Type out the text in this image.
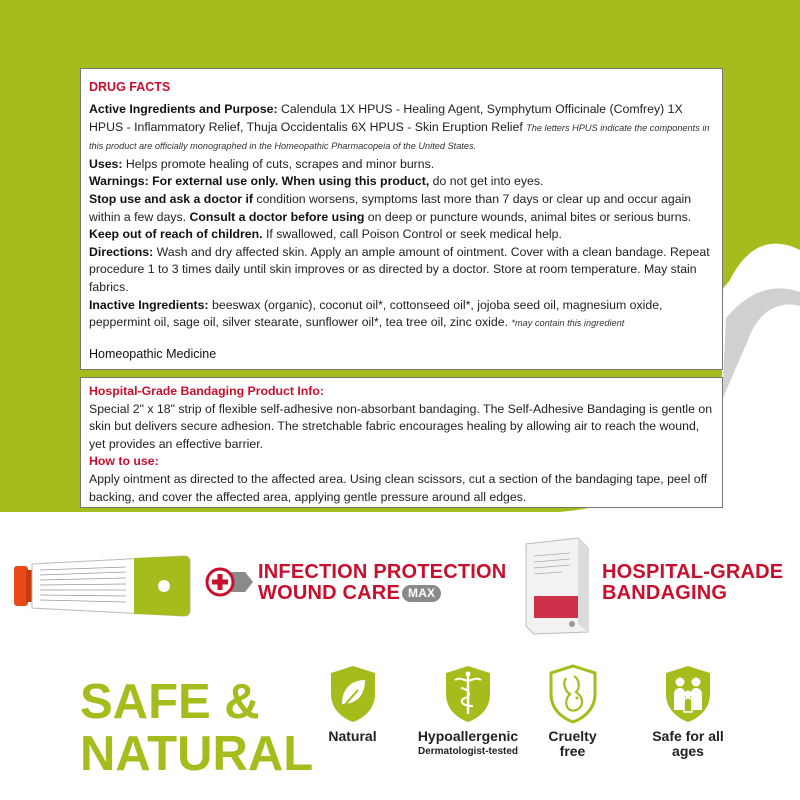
DRUG FACTS

Active Ingredients and Purpose: Calendula 1X HPUS - Healing Agent, Symphytum Officinale (Comfrey) 1X HPUS - Inflammatory Relief, Thuja Occidentalis 6X HPUS - Skin Eruption Relief The letters HPUS indicate the components in this product are officially monographed in the Homeopathic Pharmacopeia of the United States.

Uses: Helps promote healing of cuts, scrapes and minor burns.

Warnings: For external use only. When using this product, do not get into eyes.

Stop use and ask a doctor if condition worsens, symptoms last more than 7 days or clear up and occur again within a few days. Consult a doctor before using on deep or puncture wounds, animal bites or serious burns. Keep out of reach of children. If swallowed, call Poison Control or seek medical help.

Directions: Wash and dry affected skin. Apply an ample amount of ointment. Cover with a clean bandage. Repeat procedure 1 to 3 times daily until skin improves or as directed by a doctor. Store at room temperature. May stain fabrics.

Inactive Ingredients: beeswax (organic), coconut oil*, cottonseed oil*, jojoba seed oil, magnesium oxide, peppermint oil, sage oil, silver stearate, sunflower oil*, tea tree oil, zinc oxide. *may contain this ingredient

Homeopathic Medicine
Hospital-Grade Bandaging Product Info:

Special 2" x 18" strip of flexible self-adhesive non-absorbant bandaging. The Self-Adhesive Bandaging is gentle on skin but delivers secure adhesion. The stretchable fabric encourages healing by allowing air to reach the wound, yet provides an effective barrier.

How to use:

Apply ointment as directed to the affected area. Using clean scissors, cut a section of the bandaging tape, peel off backing, and cover the affected area, applying gentle pressure around all edges.

INFECTION PROTECTION
WOUND CARE MAX
HOSPITAL-GRADE
BANDAGING
SAFE &
NATURAL	Natural	Hypoallergenic
Dermatologist-tested
Cruelty free
Safe for all ages
